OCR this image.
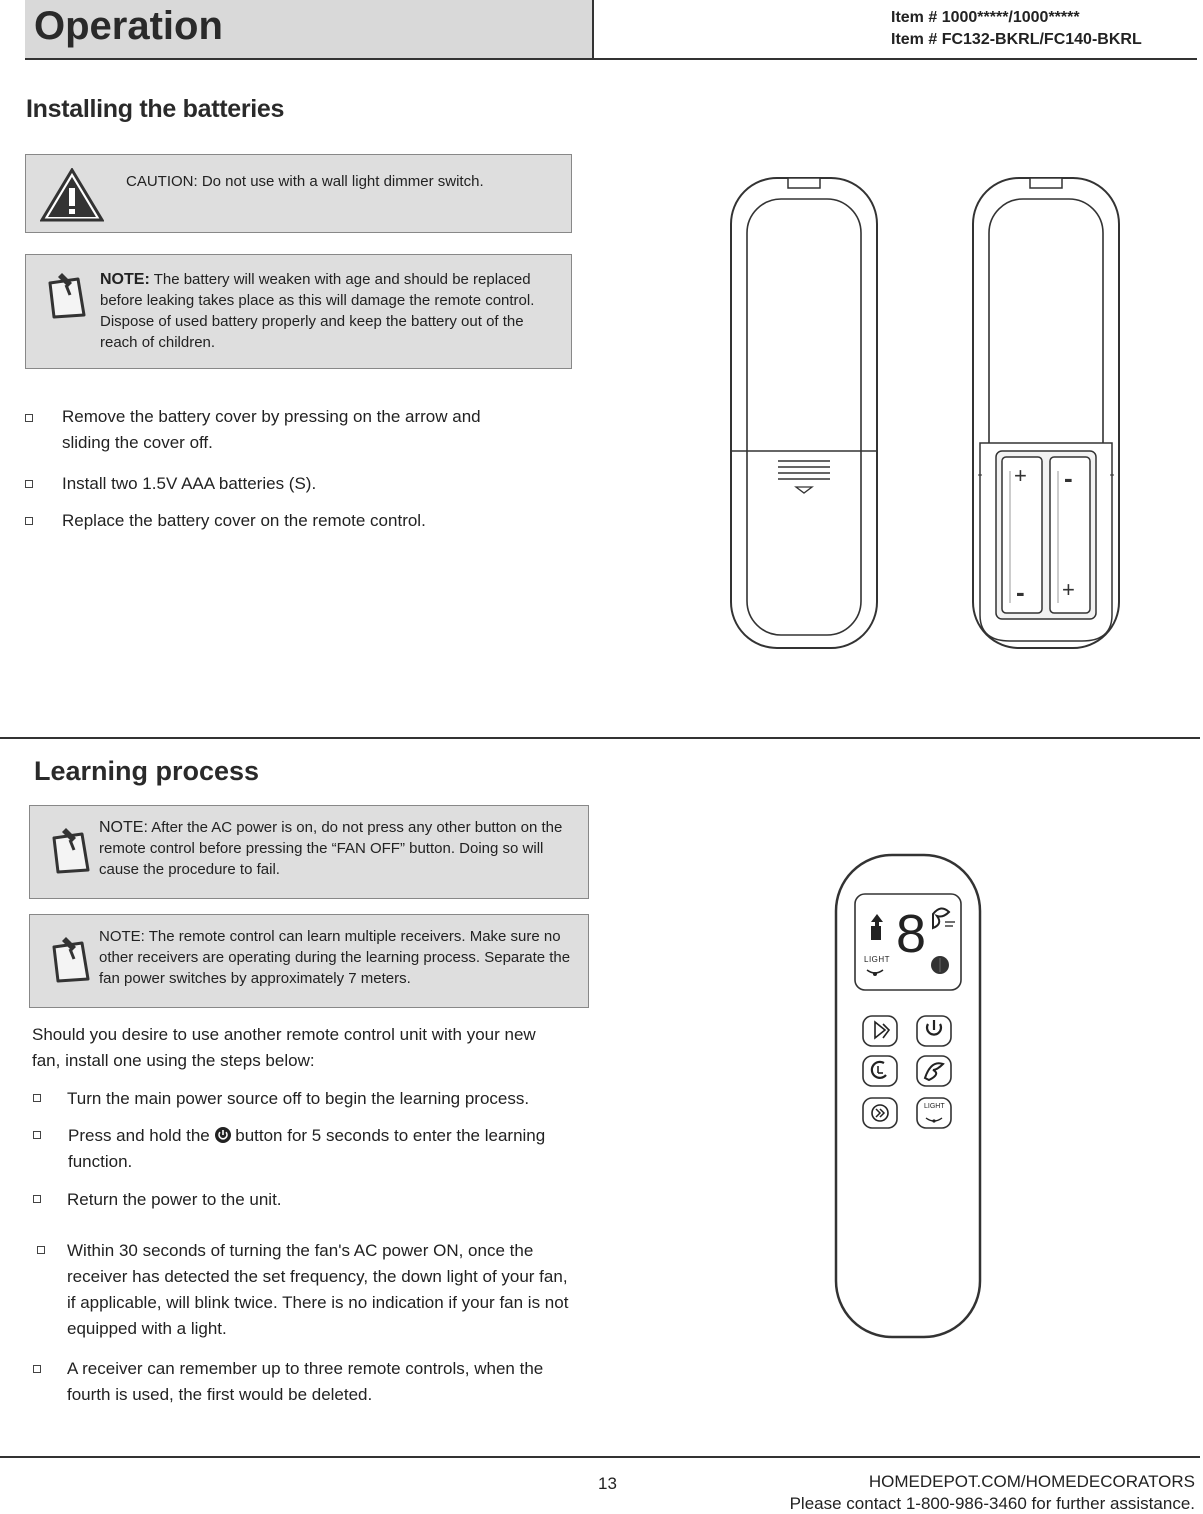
Operation	Item # 1000*****/1000*****
Item # FC132-BKRL/FC140-BKRL
Installing the batteries
CAUTION: Do not use with a wall light dimmer switch.
NOTE: The battery will weaken with age and should be replaced before leaking takes place as this will damage the remote control. Dispose of used battery properly and keep the battery out of the reach of children.
Remove the battery cover by pressing on the arrow and sliding the cover off.
Install two 1.5V AAA batteries (S).
Replace the battery cover on the remote control.
+ -
- +
Learning process
NOTE: After the AC power is on, do not press any other button on the remote control before pressing the “FAN OFF” button. Doing so will cause the procedure to fail.
NOTE: The remote control can learn multiple receivers. Make sure no other receivers are operating during the learning process. Separate the fan power switches by approximately 7 meters.
Should you desire to use another remote control unit with your new fan, install one using the steps below:
Turn the main power source off to begin the learning process.
Press and hold the button for 5 seconds to enter the learning function.
Return the power to the unit.
Within 30 seconds of turning the fan's AC power ON, once the receiver has detected the set frequency, the down light of your fan, if applicable, will blink twice. There is no indication if your fan is not equipped with a light.
A receiver can remember up to three remote controls, when the fourth is used, the first would be deleted.
8
LIGHT
LIGHT
13	HOMEDEPOT.COM/HOMEDECORATORS
Please contact 1-800-986-3460 for further assistance.
